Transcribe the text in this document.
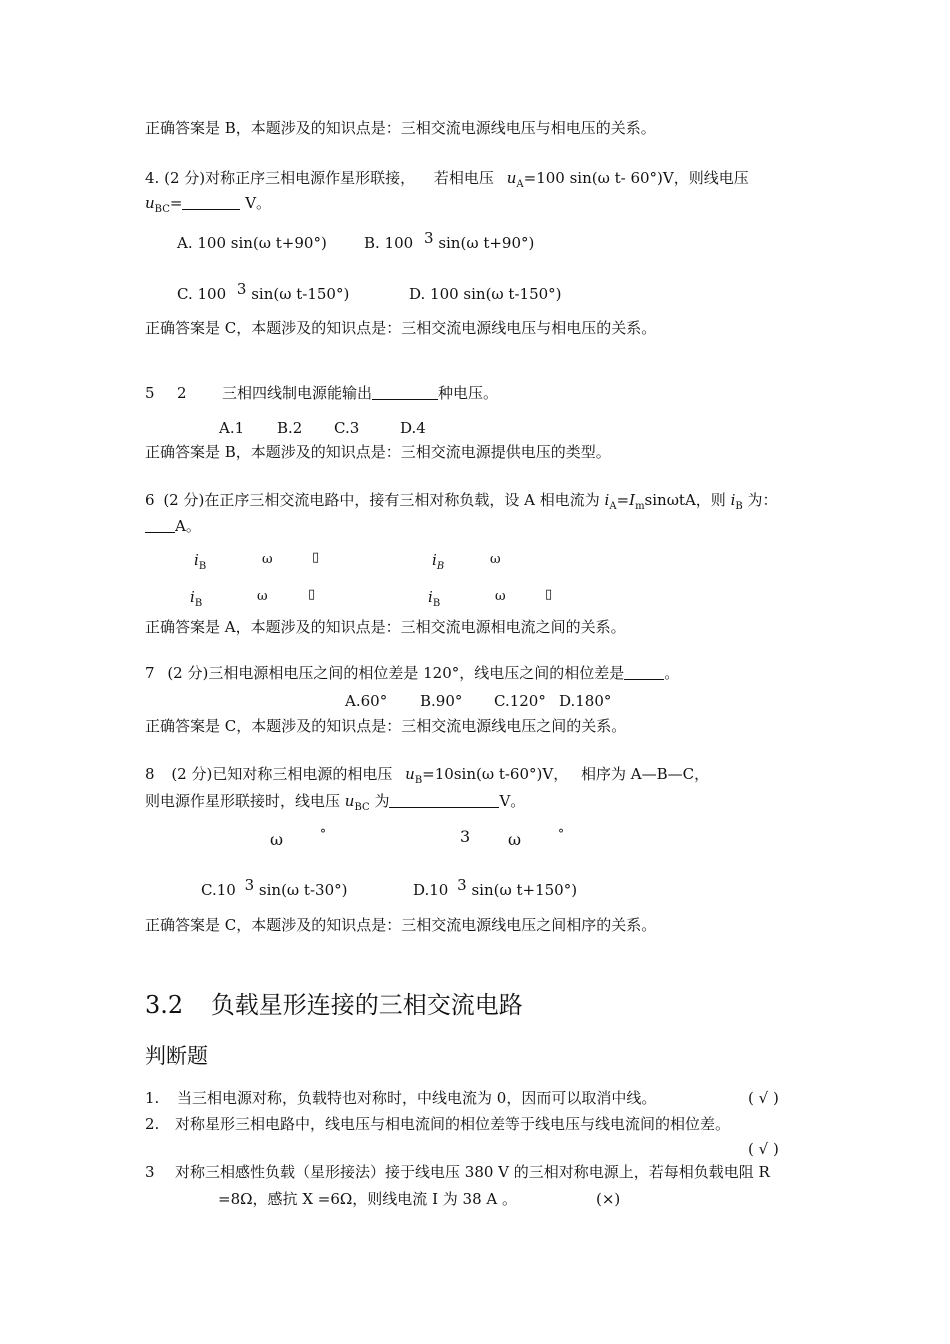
正确答案是 B，本题涉及的知识点是：三相交流电源线电压与相电压的关系。
4. (2 分)对称正序三相电源作星形联接， 若相电压 $u_A=100$ sin(ω t- 60°)V，则线电压
$u_{BC}=$	V。
A. 100 sin(ω t+90°) B. 100 3 sin(ω t+90°)
C. 100 3 sin(ω t-150°)	D. 100 sin(ω t-150°)
正确答案是 C，本题涉及的知识点是：三相交流电源线电压与相电压的关系。
5 2 三相四线制电源能输出	种电压。
A.1 B.2 C.3	D.4
正确答案是 B，本题涉及的知识点是：三相交流电源提供电压的类型。
6 (2 分)在正序三相交流电路中，接有三相对称负载，设 A 相电流为 $i_A=I_m\sin\omega tA$，则 $i_B$ 为：
A。
$i_B$	ω	▯	$i_B$	ω
$i_B$	ω	▯	$i_B$	ω	▯
正确答案是 A，本题涉及的知识点是：三相交流电源相电流之间的关系。
7 (2 分)三相电源相电压之间的相位差是 120°，线电压之间的相位差是	。
A.60° B.90° C.120° D.180°
正确答案是 C，本题涉及的知识点是：三相交流电源线电压之间的关系。
8 (2 分)已知对称三相电源的相电压 $u_B=10\sin(\omega$ t-60°)V， 相序为 A—B—C，
则电源作星形联接时，线电压 $u_{BC}$ 为	V。
ω	°	3 ω	°
C.10 3 sin(ω t-30°)	D.10 3 sin(ω t+150°)
正确答案是 C，本题涉及的知识点是：三相交流电源线电压之间相序的关系。
3.2 负载星形连接的三相交流电路
判断题
1. 当三相电源对称，负载特也对称时，中线电流为 0，因而可以取消中线。	( √ )
2. 对称星形三相电路中，线电压与相电流间的相位差等于线电压与线电流间的相位差。
( √ )
3 对称三相感性负载（星形接法）接于线电压 380 V 的三相对称电源上，若每相负载电阻 R
=8Ω，感抗 X =6Ω，则线电流 I 为 38 A 。	(×)
